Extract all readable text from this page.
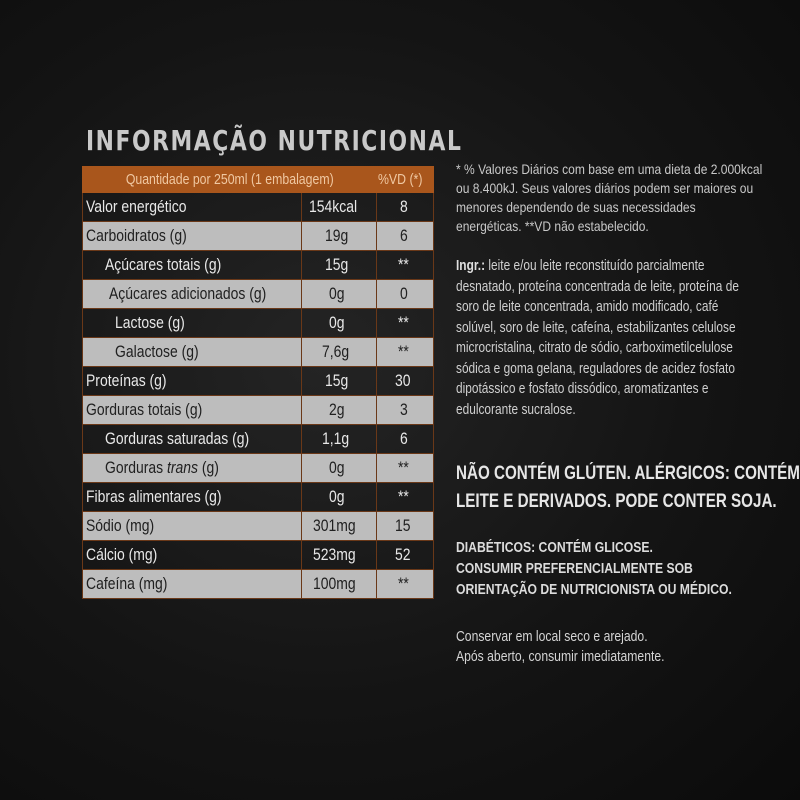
INFORMAÇÃO NUTRICIONAL
Quantidade por 250ml (1 embalagem)		%VD (*)
Valor energético	154kcal	8
Carboidratos (g)	19g	6
Açúcares totais (g)	15g	**
Açúcares adicionados (g)	0g	0
Lactose (g)	0g	**
Galactose (g)	7,6g	**
Proteínas (g)	15g	30
Gorduras totais (g)	2g	3
Gorduras saturadas (g)	1,1g	6
Gorduras trans (g)	0g	**
Fibras alimentares (g)	0g	**
Sódio (mg)	301mg	15
Cálcio (mg)	523mg	52
Cafeína (mg)	100mg	**
* % Valores Diários com base em uma dieta de 2.000kcal
ou 8.400kJ. Seus valores diários podem ser maiores ou
menores dependendo de suas necessidades
energéticas. **VD não estabelecido.
Ingr.: leite e/ou leite reconstituído parcialmente
desnatado, proteína concentrada de leite, proteína de
soro de leite concentrada, amido modificado, café
solúvel, soro de leite, cafeína, estabilizantes celulose
microcristalina, citrato de sódio, carboximetilcelulose
sódica e goma gelana, reguladores de acidez fosfato
dipotássico e fosfato dissódico, aromatizantes e
edulcorante sucralose.
NÃO CONTÉM GLÚTEN. ALÉRGICOS: CONTÉM
LEITE E DERIVADOS. PODE CONTER SOJA.
DIABÉTICOS: CONTÉM GLICOSE.
CONSUMIR PREFERENCIALMENTE SOB
ORIENTAÇÃO DE NUTRICIONISTA OU MÉDICO.
Conservar em local seco e arejado.
Após aberto, consumir imediatamente.
